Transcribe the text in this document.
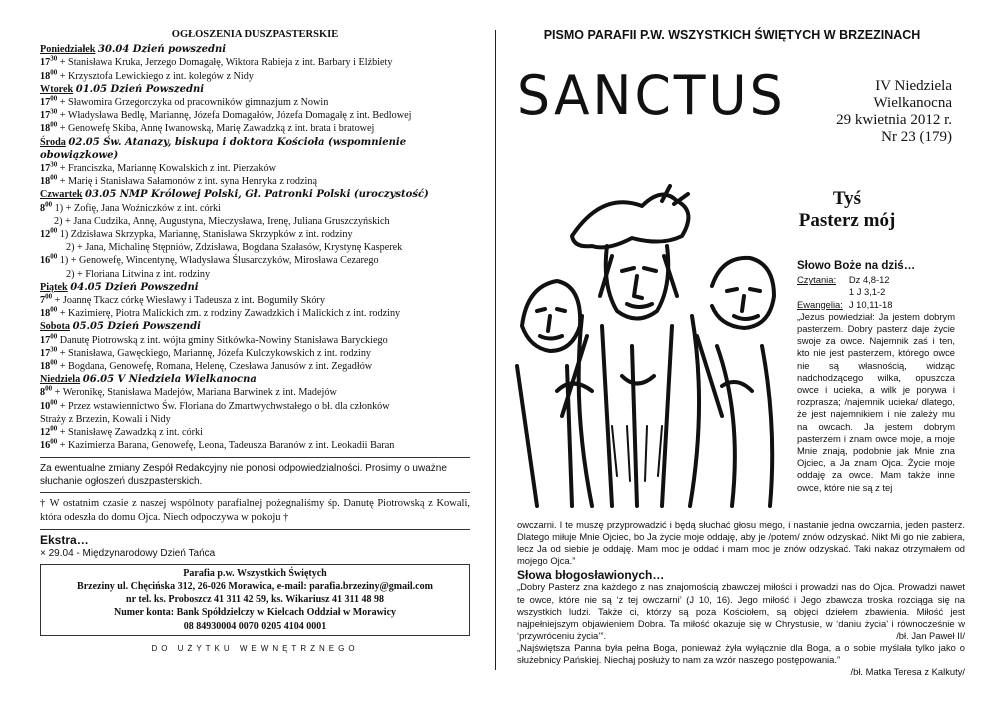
OGŁOSZENIA DUSZPASTERSKIE
Poniedziałek 30.04 Dzień powszedni
$17^{30}$ + Stanisława Kruka, Jerzego Domagałę, Wiktora Rabieja z int. Barbary i Elżbiety
$18^{00}$ + Krzysztofa Lewickiego z int. kolegów z Nidy
Wtorek 01.05 Dzień Powszedni
$17^{00}$ + Sławomira Grzegorczyka od pracowników gimnazjum z Nowin
$17^{30}$ + Władysława Bedlę, Mariannę, Józefa Domagałów, Józefa Domagałę z int. Bedlowej
$18^{00}$ + Genowefę Skiba, Annę Iwanowską, Marię Zawadzką z int. brata i bratowej
Środa 02.05 Św. Atanazy, biskupa i doktora Kościoła (wspomnienie obowiązkowe)
$17^{30}$ + Franciszka, Mariannę Kowalskich z int. Pierzaków
$18^{00}$ + Marię i Stanisława Sałamonów z int. syna Henryka z rodziną
Czwartek 03.05 NMP Królowej Polski, Gł. Patronki Polski (uroczystość)
$8^{00}$ 1) + Zofię, Jana Woźniczków z int. córki
2) + Jana Cudzika, Annę, Augustyna, Mieczysława, Irenę, Juliana Gruszczyńskich
$12^{00}$ 1) Zdzisława Skrzypka, Mariannę, Stanisława Skrzypków z int. rodziny
2) + Jana, Michalinę Stępniów, Zdzisława, Bogdana Szałasów, Krystynę Kasperek
$16^{00}$ 1) + Genowefę, Wincentynę, Władysława Ślusarczyków, Mirosława Cezarego
2) + Floriana Litwina z int. rodziny
Piątek 04.05 Dzień Powszedni
$7^{00}$ + Joannę Tkacz córkę Wiesławy i Tadeusza z int. Bogumiły Skóry
$18^{00}$ + Kazimierę, Piotra Malickich zm. z rodziny Zawadzkich i Malickich z int. rodziny
Sobota 05.05 Dzień Powszendi
$17^{00}$ Danutę Piotrowską z int. wójta gminy Sitkówka-Nowiny Stanisława Baryckiego
$17^{30}$ + Stanisława, Gawęckiego, Mariannę, Józefa Kulczykowskich z int. rodziny
$18^{00}$ + Bogdana, Genowefę, Romana, Helenę, Czesława Janusów z int. Zegadłów
Niedziela 06.05 V Niedziela Wielkanocna
$8^{00}$ + Weronikę, Stanisława Madejów, Mariana Barwinek z int. Madejów
$10^{00}$ + Przez wstawiennictwo Św. Floriana do Zmartwychwstałego o bł. dla członków
Straży z Brzezin, Kowali i Nidy
$12^{00}$ + Stanisławę Zawadzką z int. córki
$16^{00}$ + Kazimierza Barana, Genowefę, Leona, Tadeusza Baranów z int. Leokadii Baran
Za ewentualne zmiany Zespół Redakcyjny nie ponosi odpowiedzialności. Prosimy o uważne słuchanie ogłoszeń duszpasterskich.
† W ostatnim czasie z naszej wspólnoty parafialnej pożegnaliśmy śp. Danutę Piotrowską z Kowali, która odeszła do domu Ojca. Niech odpoczywa w pokoju †
Ekstra…
× 29.04 - Międzynarodowy Dzień Tańca
Parafia p.w. Wszystkich Świętych
Brzeziny ul. Chęcińska 312, 26-026 Morawica, e-mail: parafia.brzeziny@gmail.com
nr tel. ks. Proboszcz 41 311 42 59, ks. Wikariusz 41 311 48 98
Numer konta: Bank Spółdzielczy w Kielcach Oddział w Morawicy
08 84930004 0070 0205 4104 0001
DO UŻYTKU WEWNĘTRZNEGO
PISMO PARAFII P.W. WSZYSTKICH ŚWIĘTYCH W BRZEZINACH
SANCTUS	IV Niedziela
Wielkanocna
29 kwietnia 2012 r.
Nr 23 (179)
Tyś
Pasterz mój
Słowo Boże na dziś…
Czytania:	Dz 4,8-12
	1 J 3,1-2
Ewangelia:	J 10,11-18
„Jezus powiedział: Ja jestem dobrym pasterzem. Dobry pasterz daje życie swoje za owce. Najemnik zaś i ten, kto nie jest pasterzem, którego owce nie są własnością, widząc nadchodzącego wilka, opuszcza owce i ucieka, a wilk je porywa i rozprasza; /najemnik ucieka/ dlatego, że jest najemnikiem i nie zależy mu na owcach. Ja jestem dobrym pasterzem i znam owce moje, a moje Mnie znają, podobnie jak Mnie zna Ojciec, a Ja znam Ojca. Życie moje oddaję za owce. Mam także inne owce, które nie są z tej
owczarni. I te muszę przyprowadzić i będą słuchać głosu mego, i nastanie jedna owczarnia, jeden pasterz. Dlatego miłuje Mnie Ojciec, bo Ja życie moje oddaję, aby je /potem/ znów odzyskać. Nikt Mi go nie zabiera, lecz Ja od siebie je oddaję. Mam moc je oddać i mam moc je znów odzyskać. Taki nakaz otrzymałem od mojego Ojca.”
Słowa błogosławionych…
„Dobry Pasterz zna każdego z nas znajomością zbawczej miłości i prowadzi nas do Ojca. Prowadzi nawet te owce, które nie są ‘z tej owczarni’ (J 10, 16). Jego miłość i Jego zbawcza troska rozciąga się na wszystkich ludzi. Także ci, którzy są poza Kościołem, są objęci dziełem zbawienia. Miłość jest najpełniejszym objawieniem Dobra. Ta miłość okazuje się w Chrystusie, w ‘daniu życia’ i równocześnie w ‘przywróceniu życia’”.	/bł. Jan Paweł II/
„Najświętsza Panna była pełna Boga, ponieważ żyła wyłącznie dla Boga, a o sobie myślała tylko jako o służebnicy Pańskiej. Niechaj posłuży to nam za wzór naszego postępowania.”
/bł. Matka Teresa z Kalkuty/
